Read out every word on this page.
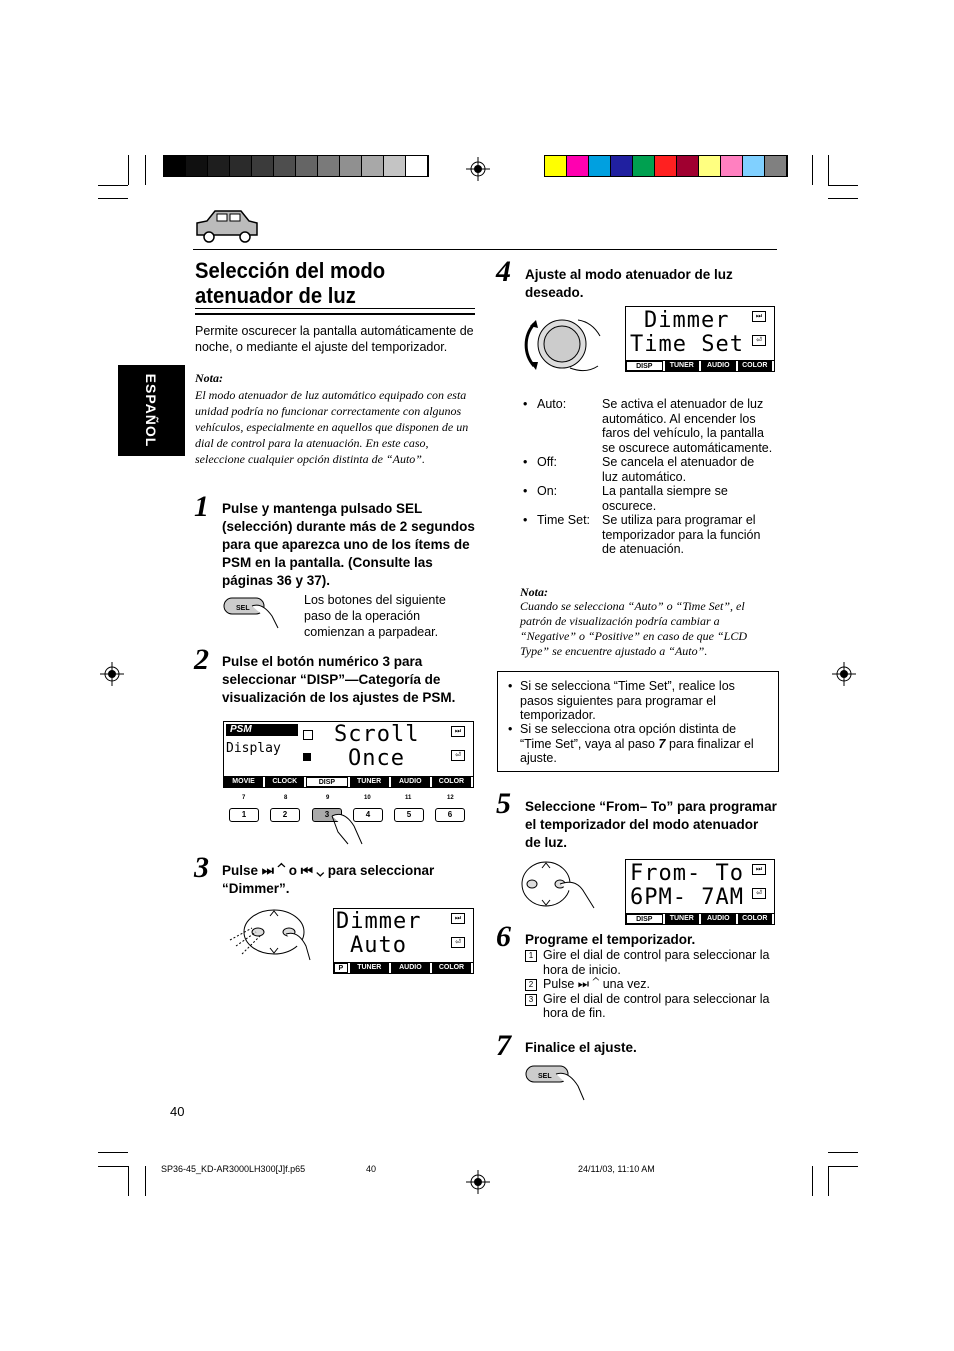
ESPAÑOL
Selección del modo atenuador de luz
Permite oscurecer la pantalla automáticamente de noche, o mediante el ajuste del temporizador.
Nota:
El modo atenuador de luz automático equipado con esta unidad podría no funcionar correctamente con algunos vehículos, especialmente en aquellos que disponen de un dial de control para la atenuación. En este caso, seleccione cualquier opción distinta de “Auto”.
1 Pulse y mantenga pulsado SEL (selección) durante más de 2 segundos para que aparezca uno de los ítems de PSM en la pantalla. (Consulte las páginas 36 y 37).
SEL
Los botones del siguiente paso de la operación comienzan a parpadear.
2 Pulse el botón numérico 3 para seleccionar “DISP”—Categoría de visualización de los ajustes de PSM.
PSM
Display
Scroll
Once
⏭
⏎
MOVIE	CLOCK	DISP	TUNER	AUDIO	COLOR
7	8	9	10	11	12
1	2	3	4	5	6
3 Pulse ⏭ ⌃ o ⏮ ⌄ para seleccionar “Dimmer”.
Dimmer
Auto
⏭
⏎
P	TUNER	AUDIO	COLOR
4 Ajuste al modo atenuador de luz deseado.
Dimmer
Time Set
⏭
⏎
DISP	TUNER	AUDIO	COLOR
• Auto:	Se activa el atenuador de luz automático. Al encender los faros del vehículo, la pantalla se oscurece automáticamente.
• Off:	Se cancela el atenuador de luz automático.
• On:	La pantalla siempre se oscurece.
• Time Set: Se utiliza para programar el temporizador para la función de atenuación.
Nota:
Cuando se selecciona “Auto” o “Time Set”, el patrón de visualización podría cambiar a “Negative” o “Positive” en caso de que “LCD Type” se encuentre ajustado a “Auto”.
• Si se selecciona “Time Set”, realice los pasos siguientes para programar el temporizador.
• Si se selecciona otra opción distinta de “Time Set”, vaya al paso 7 para finalizar el ajuste.
5 Seleccione “From– To” para programar el temporizador del modo atenuador de luz.
From- To
6PM- 7AM
⏭
⏎
DISP	TUNER	AUDIO	COLOR
6 Programe el temporizador.
1 Gire el dial de control para seleccionar la hora de inicio.
2 Pulse ⏭ ⌃ una vez.
3 Gire el dial de control para seleccionar la hora de fin.
7 Finalice el ajuste.
SEL
40
SP36-45_KD-AR3000LH300[J]f.p65	40	24/11/03, 11:10 AM
